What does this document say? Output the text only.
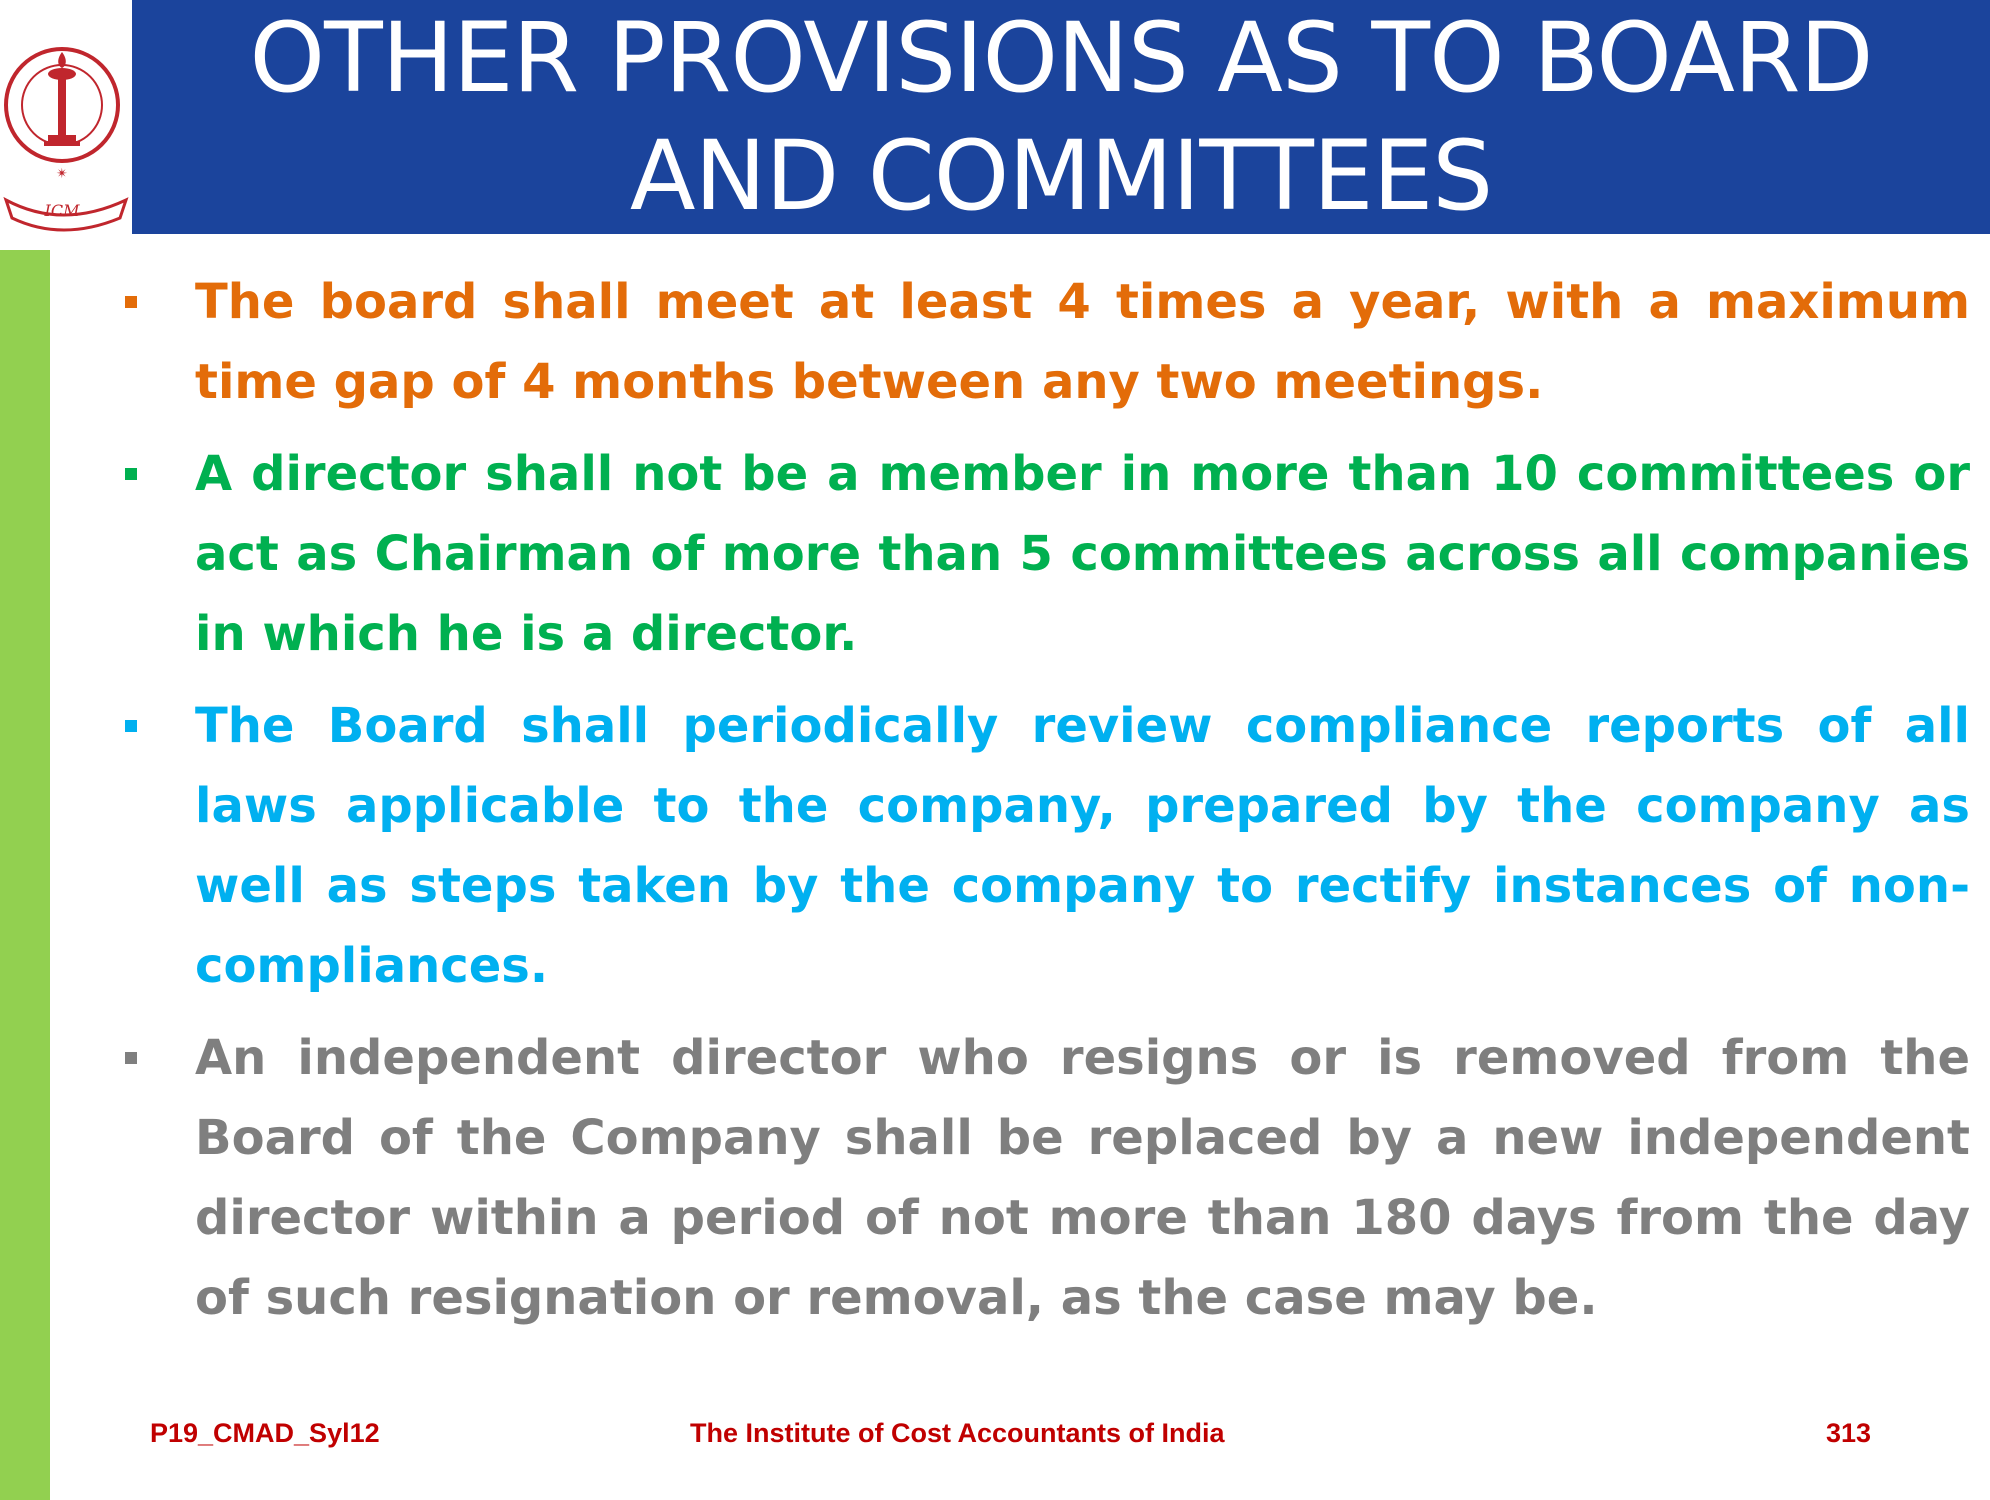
✴
ICM
OTHER PROVISIONS AS TO BOARD
AND COMMITTEES
The board shall meet at least 4 times a year, with a maximum time gap of 4 months between any two meetings.
A director shall not be a member in more than 10 committees or act as Chairman of more than 5 committees across all companies in which he is a director.
The Board shall periodically review compliance reports of all laws applicable to the company, prepared by the company as well as steps taken by the company to rectify instances of non-compliances.
An independent director who resigns or is removed from the Board of the Company shall be replaced by a new independent director within a period of not more than 180 days from the day of such resignation or removal, as the case may be.
P19_CMAD_Syl12	The Institute of Cost Accountants of India	313
